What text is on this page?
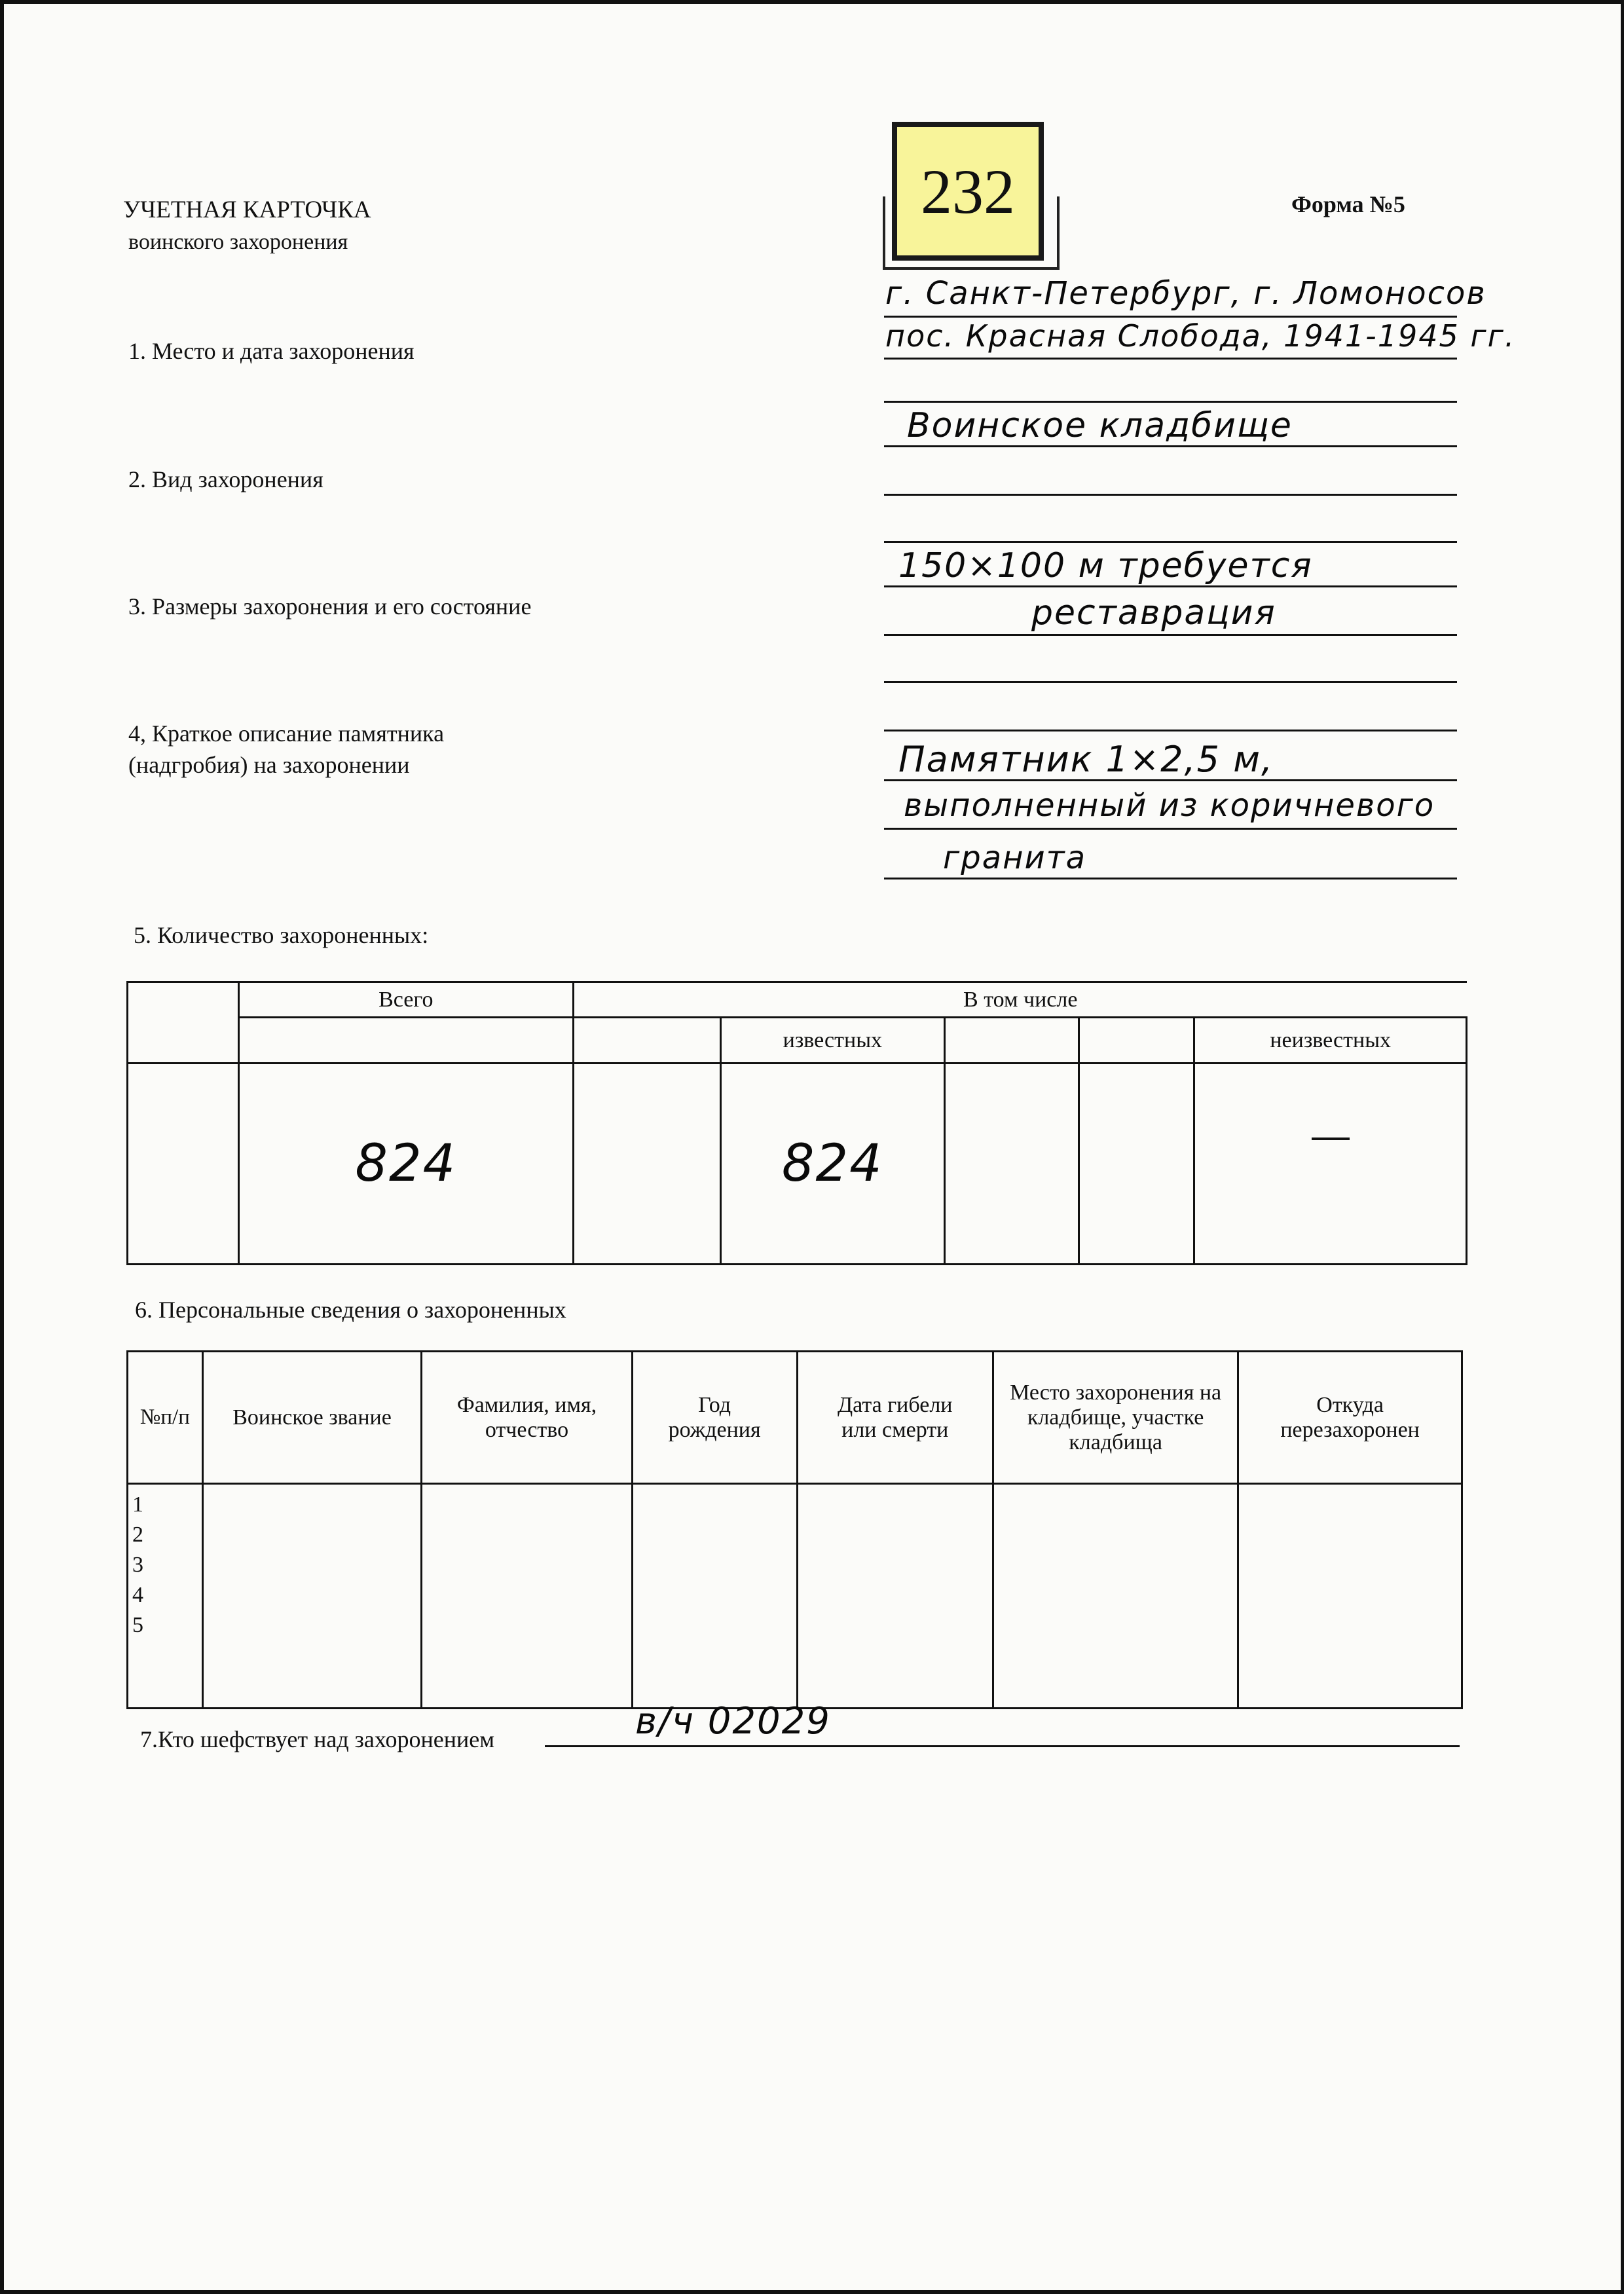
УЧЕТНАЯ КАРТОЧКА
воинского захоронения
Форма №5
232
1. Место и дата захоронения
г. Санкт-Петербург, г. Ломоносов
пос. Красная Слобода, 1941-1945 гг.
2. Вид захоронения
Воинское кладбище
3. Размеры захоронения и его состояние
150×100 м требуется
реставрация
4, Краткое описание памятника
(надгробия) на захоронении	Памятник 1×2,5 м,
выполненный из коричневого
гранита
5. Количество захороненных:
	Всего	В том числе				
			известных			неизвестных
	824		824			
6. Персональные сведения о захороненных
№п/п	Воинское звание	Фамилия, имя, отчество	Год рождения	Дата гибели или смерти	Место захоронения на кладбище, участке кладбища	Откуда перезахоронен

1
2
3
4
5						

7.Кто шефствует над захоронением	в/ч 02029
